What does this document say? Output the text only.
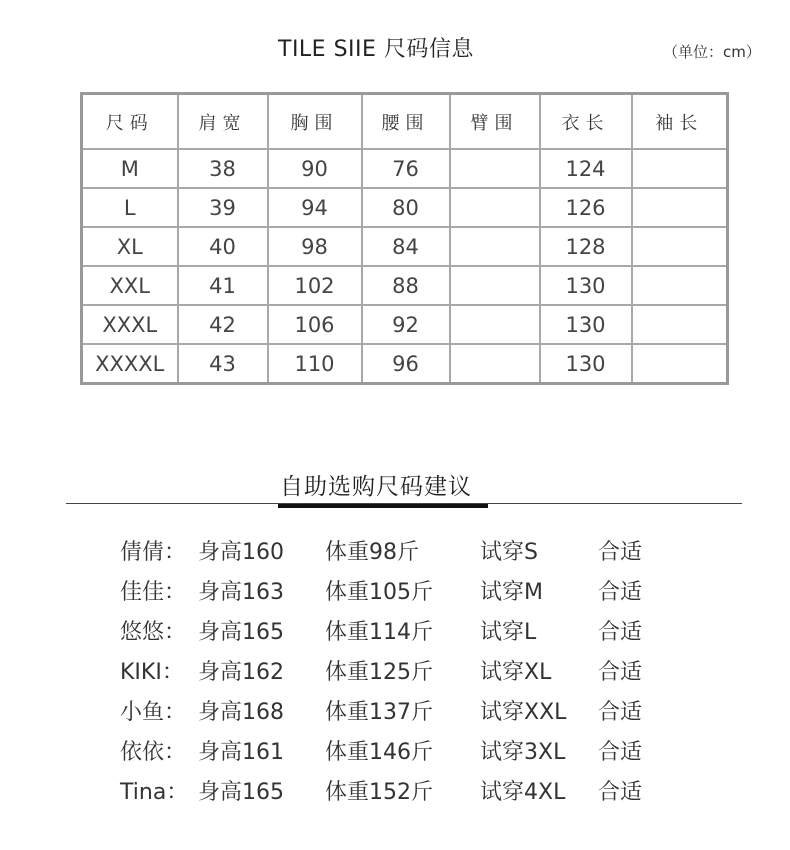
TILE SIIE 尺码信息	（单位：cm）
尺码	肩宽	胸围	腰围	臂围	衣长	袖长
M	38	90	76		124	
L	39	94	80		126	
XL	40	98	84		128	
XXL	41	102	88		130	
XXXL	42	106	92		130	
XXXXL	43	110	96		130	
自助选购尺码建议
倩倩： 身高160 体重98斤	试穿S	合适
佳佳： 身高163 体重105斤 试穿M	合适
悠悠： 身高165 体重114斤 试穿L	合适
KIKI： 身高162 体重125斤 试穿XL 合适
小鱼： 身高168 体重137斤 试穿XXL 合适
依依： 身高161 体重146斤 试穿3XL 合适
Tina： 身高165 体重152斤 试穿4XL 合适
